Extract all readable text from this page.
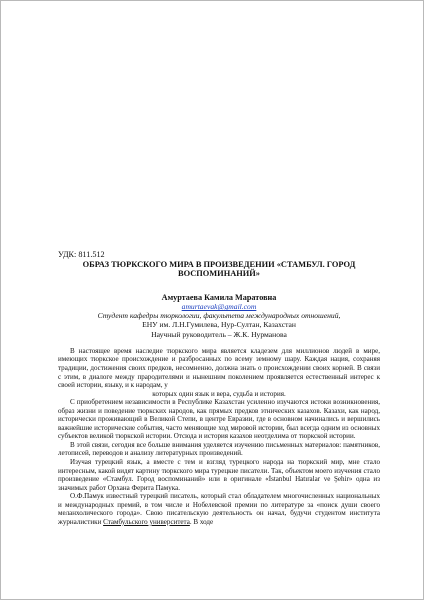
УДК: 811.512
ОБРАЗ ТЮРКСКОГО МИРА В ПРОИЗВЕДЕНИИ «СТАМБУЛ. ГОРОД ВОСПОМИНАНИЙ»
Амуртаева Камила Маратовна
amurtaevak@gmail.com
Студент кафедры тюркологии, факультета международных отношений,
ЕНУ им. Л.Н.Гумилева, Нур-Султан, Казахстан
Научный руководитель – Ж.К. Нурманова

В настоящее время наследие тюркского мира является кладезем для миллионов людей в мире, имеющих тюркское происхождение и разбросанных по всему земному шару. Каждая нация, сохраняя традиции, достижения своих предков, несомненно, должна знать о происхождении своих корней. В связи с этим, в диалоге между прародителями и нынешним поколением проявляется естественный интерес к своей истории, языку, и к народам, у

которых один язык и вера, судьба и история.

С приобретением независимости в Республике Казахстан усиленно изучаются истоки возникновения, образ жизни и поведение тюркских народов, как прямых предков этнических казахов. Казахи, как народ, исторически проживающий в Великой Степи, в центре Евразии, где в основном начинались и вершились важнейшие исторические события, часто меняющие ход мировой истории, был всегда одним из основных субъектов великой тюркской истории. Отсюда и история казахов неотделима от тюркской истории.

В этой связи, сегодня все больше внимания уделяется изучению письменных материалов: памятников, летописей, переводов и анализу литературных произведений.

Изучая турецкий язык, а вместе с тем и взгляд турецкого народа на тюркский мир, мне стало интересным, какой видят картину тюркского мира турецкие писатели. Так, объектом моего изучения стало произведение «Стамбул. Город воспоминаний» или в оригинале «İstanbul Hatıralar ve Şehir» одна из значимых работ Орхана Ферита Памука.

О.Ф.Памук известный турецкий писатель, который стал обладателем многочисленных национальных и международных премий, в том числе и Нобелевской премии по литературе за «поиск души своего меланхолического города». Свою писательскую деятельность он начал, будучи студентом института журналистики Стамбульского университета. В ходе
